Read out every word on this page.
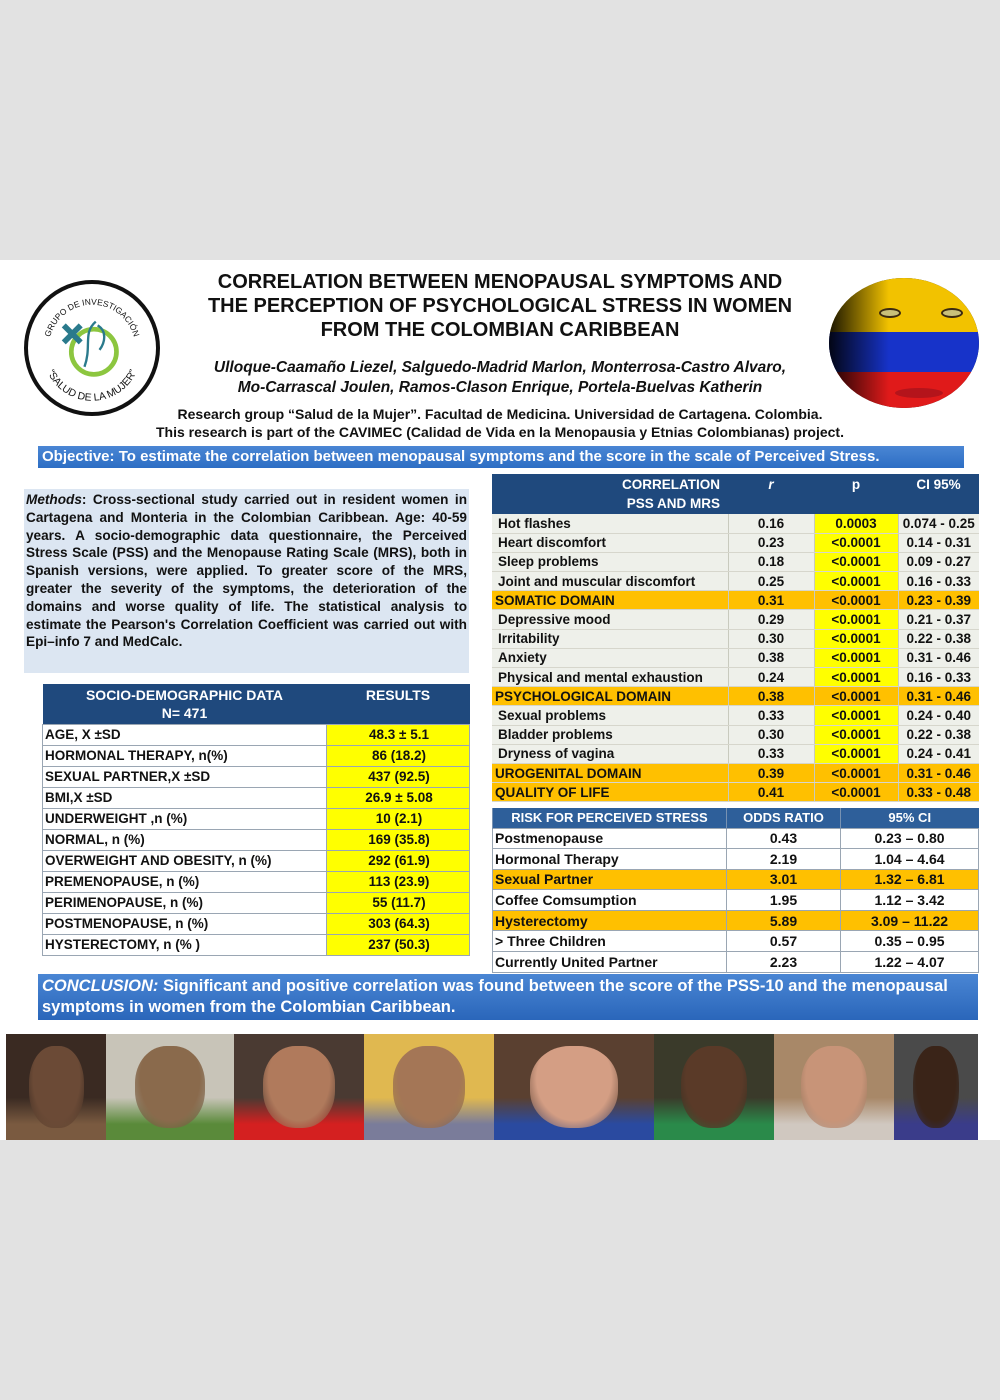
GRUPO DE INVESTIGACIÓN
“SALUD DE LA MUJER”
CORRELATION BETWEEN MENOPAUSAL SYMPTOMS AND
THE PERCEPTION OF PSYCHOLOGICAL STRESS IN WOMEN
FROM THE COLOMBIAN CARIBBEAN
Ulloque-Caamaño Liezel, Salguedo-Madrid Marlon, Monterrosa-Castro Alvaro,
Mo-Carrascal Joulen, Ramos-Clason Enrique, Portela-Buelvas Katherin
Research group “Salud de la Mujer”. Facultad de Medicina. Universidad de Cartagena. Colombia.
This research is part of the CAVIMEC (Calidad de Vida en la Menopausia y Etnias Colombianas) project.
Objective: To estimate the correlation between menopausal symptoms and the score in the scale of Perceived Stress.
Methods: Cross-sectional study carried out in resident women in Cartagena and Monteria in the Colombian Caribbean. Age: 40-59 years. A socio-demographic data questionnaire, the Perceived Stress Scale (PSS) and the Menopause Rating Scale (MRS), both in Spanish versions, were applied. To greater score of the MRS, greater the severity of the symptoms, the deterioration of the domains and worse quality of life. The statistical analysis to estimate the Pearson's Correlation Coefficient was carried out with Epi–info 7 and MedCalc.
SOCIO-DEMOGRAPHIC DATA
N= 471	RESULTS
AGE, X ±SD	48.3 ± 5.1
HORMONAL THERAPY, n(%)	86 (18.2)
SEXUAL PARTNER,X ±SD	437 (92.5)
BMI,X ±SD	26.9 ± 5.08
UNDERWEIGHT ,n (%)	10 (2.1)
NORMAL, n (%)	169 (35.8)
OVERWEIGHT AND OBESITY, n (%)	292 (61.9)
PREMENOPAUSE, n (%)	113 (23.9)
PERIMENOPAUSE, n (%)	55 (11.7)
POSTMENOPAUSE, n (%)	303 (64.3)
HYSTERECTOMY, n (% )	237 (50.3)
CORRELATION
PSS AND MRS	r	p	CI 95%
Hot flashes	0.16	0.0003	0.074 - 0.25
Heart discomfort	0.23	<0.0001	0.14 - 0.31
Sleep problems	0.18	<0.0001	0.09 - 0.27
Joint and muscular discomfort	0.25	<0.0001	0.16 - 0.33
SOMATIC DOMAIN	0.31	<0.0001	0.23 - 0.39
Depressive mood	0.29	<0.0001	0.21 - 0.37
Irritability	0.30	<0.0001	0.22 - 0.38
Anxiety	0.38	<0.0001	0.31 - 0.46
Physical and mental exhaustion	0.24	<0.0001	0.16 - 0.33
PSYCHOLOGICAL DOMAIN	0.38	<0.0001	0.31 - 0.46
Sexual problems	0.33	<0.0001	0.24 - 0.40
Bladder problems	0.30	<0.0001	0.22 - 0.38
Dryness of vagina	0.33	<0.0001	0.24 - 0.41
UROGENITAL DOMAIN	0.39	<0.0001	0.31 - 0.46
QUALITY OF LIFE	0.41	<0.0001	0.33 - 0.48
RISK FOR PERCEIVED STRESS	ODDS RATIO	95% CI
Postmenopause	0.43	0.23 – 0.80
Hormonal Therapy	2.19	1.04 – 4.64
Sexual Partner	3.01	1.32 – 6.81
Coffee Comsumption	1.95	1.12 – 3.42
Hysterectomy	5.89	3.09 – 11.22
> Three Children	0.57	0.35 – 0.95
Currently United Partner	2.23	1.22 – 4.07
CONCLUSION: Significant and positive correlation was found between the score of the PSS-10 and the menopausal symptoms in women from the Colombian Caribbean.
